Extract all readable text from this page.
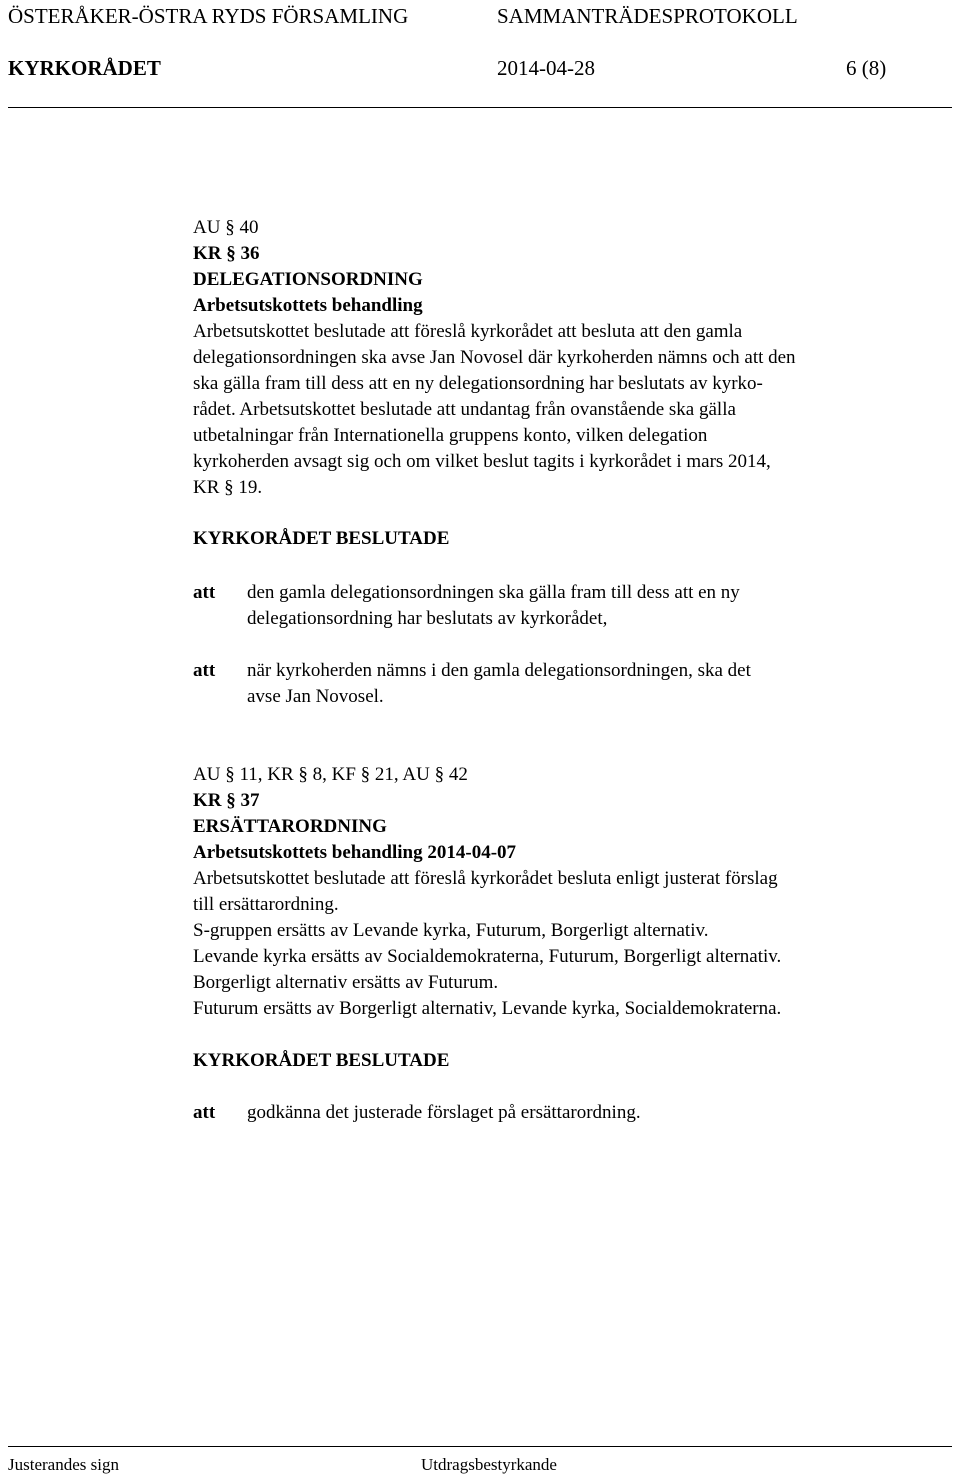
ÖSTERÅKER-ÖSTRA RYDS FÖRSAMLING	SAMMANTRÄDESPROTOKOLL
KYRKORÅDET	2014-04-28	6 (8)
AU § 40
KR § 36
DELEGATIONSORDNING
Arbetsutskottets behandling
Arbetsutskottet beslutade att föreslå kyrkorådet att besluta att den gamla
delegationsordningen ska avse Jan Novosel där kyrkoherden nämns och att den
ska gälla fram till dess att en ny delegationsordning har beslutats av kyrko-
rådet. Arbetsutskottet beslutade att undantag från ovanstående ska gälla
utbetalningar från Internationella gruppens konto, vilken delegation
kyrkoherden avsagt sig och om vilket beslut tagits i kyrkorådet i mars 2014,
KR § 19.
KYRKORÅDET BESLUTADE
att den gamla delegationsordningen ska gälla fram till dess att en ny
delegationsordning har beslutats av kyrkorådet,
att när kyrkoherden nämns i den gamla delegationsordningen, ska det
avse Jan Novosel.
AU § 11, KR § 8, KF § 21, AU § 42
KR § 37
ERSÄTTARORDNING
Arbetsutskottets behandling 2014-04-07
Arbetsutskottet beslutade att föreslå kyrkorådet besluta enligt justerat förslag
till ersättarordning.
S-gruppen ersätts av Levande kyrka, Futurum, Borgerligt alternativ.
Levande kyrka ersätts av Socialdemokraterna, Futurum, Borgerligt alternativ.
Borgerligt alternativ ersätts av Futurum.
Futurum ersätts av Borgerligt alternativ, Levande kyrka, Socialdemokraterna.
KYRKORÅDET BESLUTADE
att godkänna det justerade förslaget på ersättarordning.
Justerandes sign	Utdragsbestyrkande
